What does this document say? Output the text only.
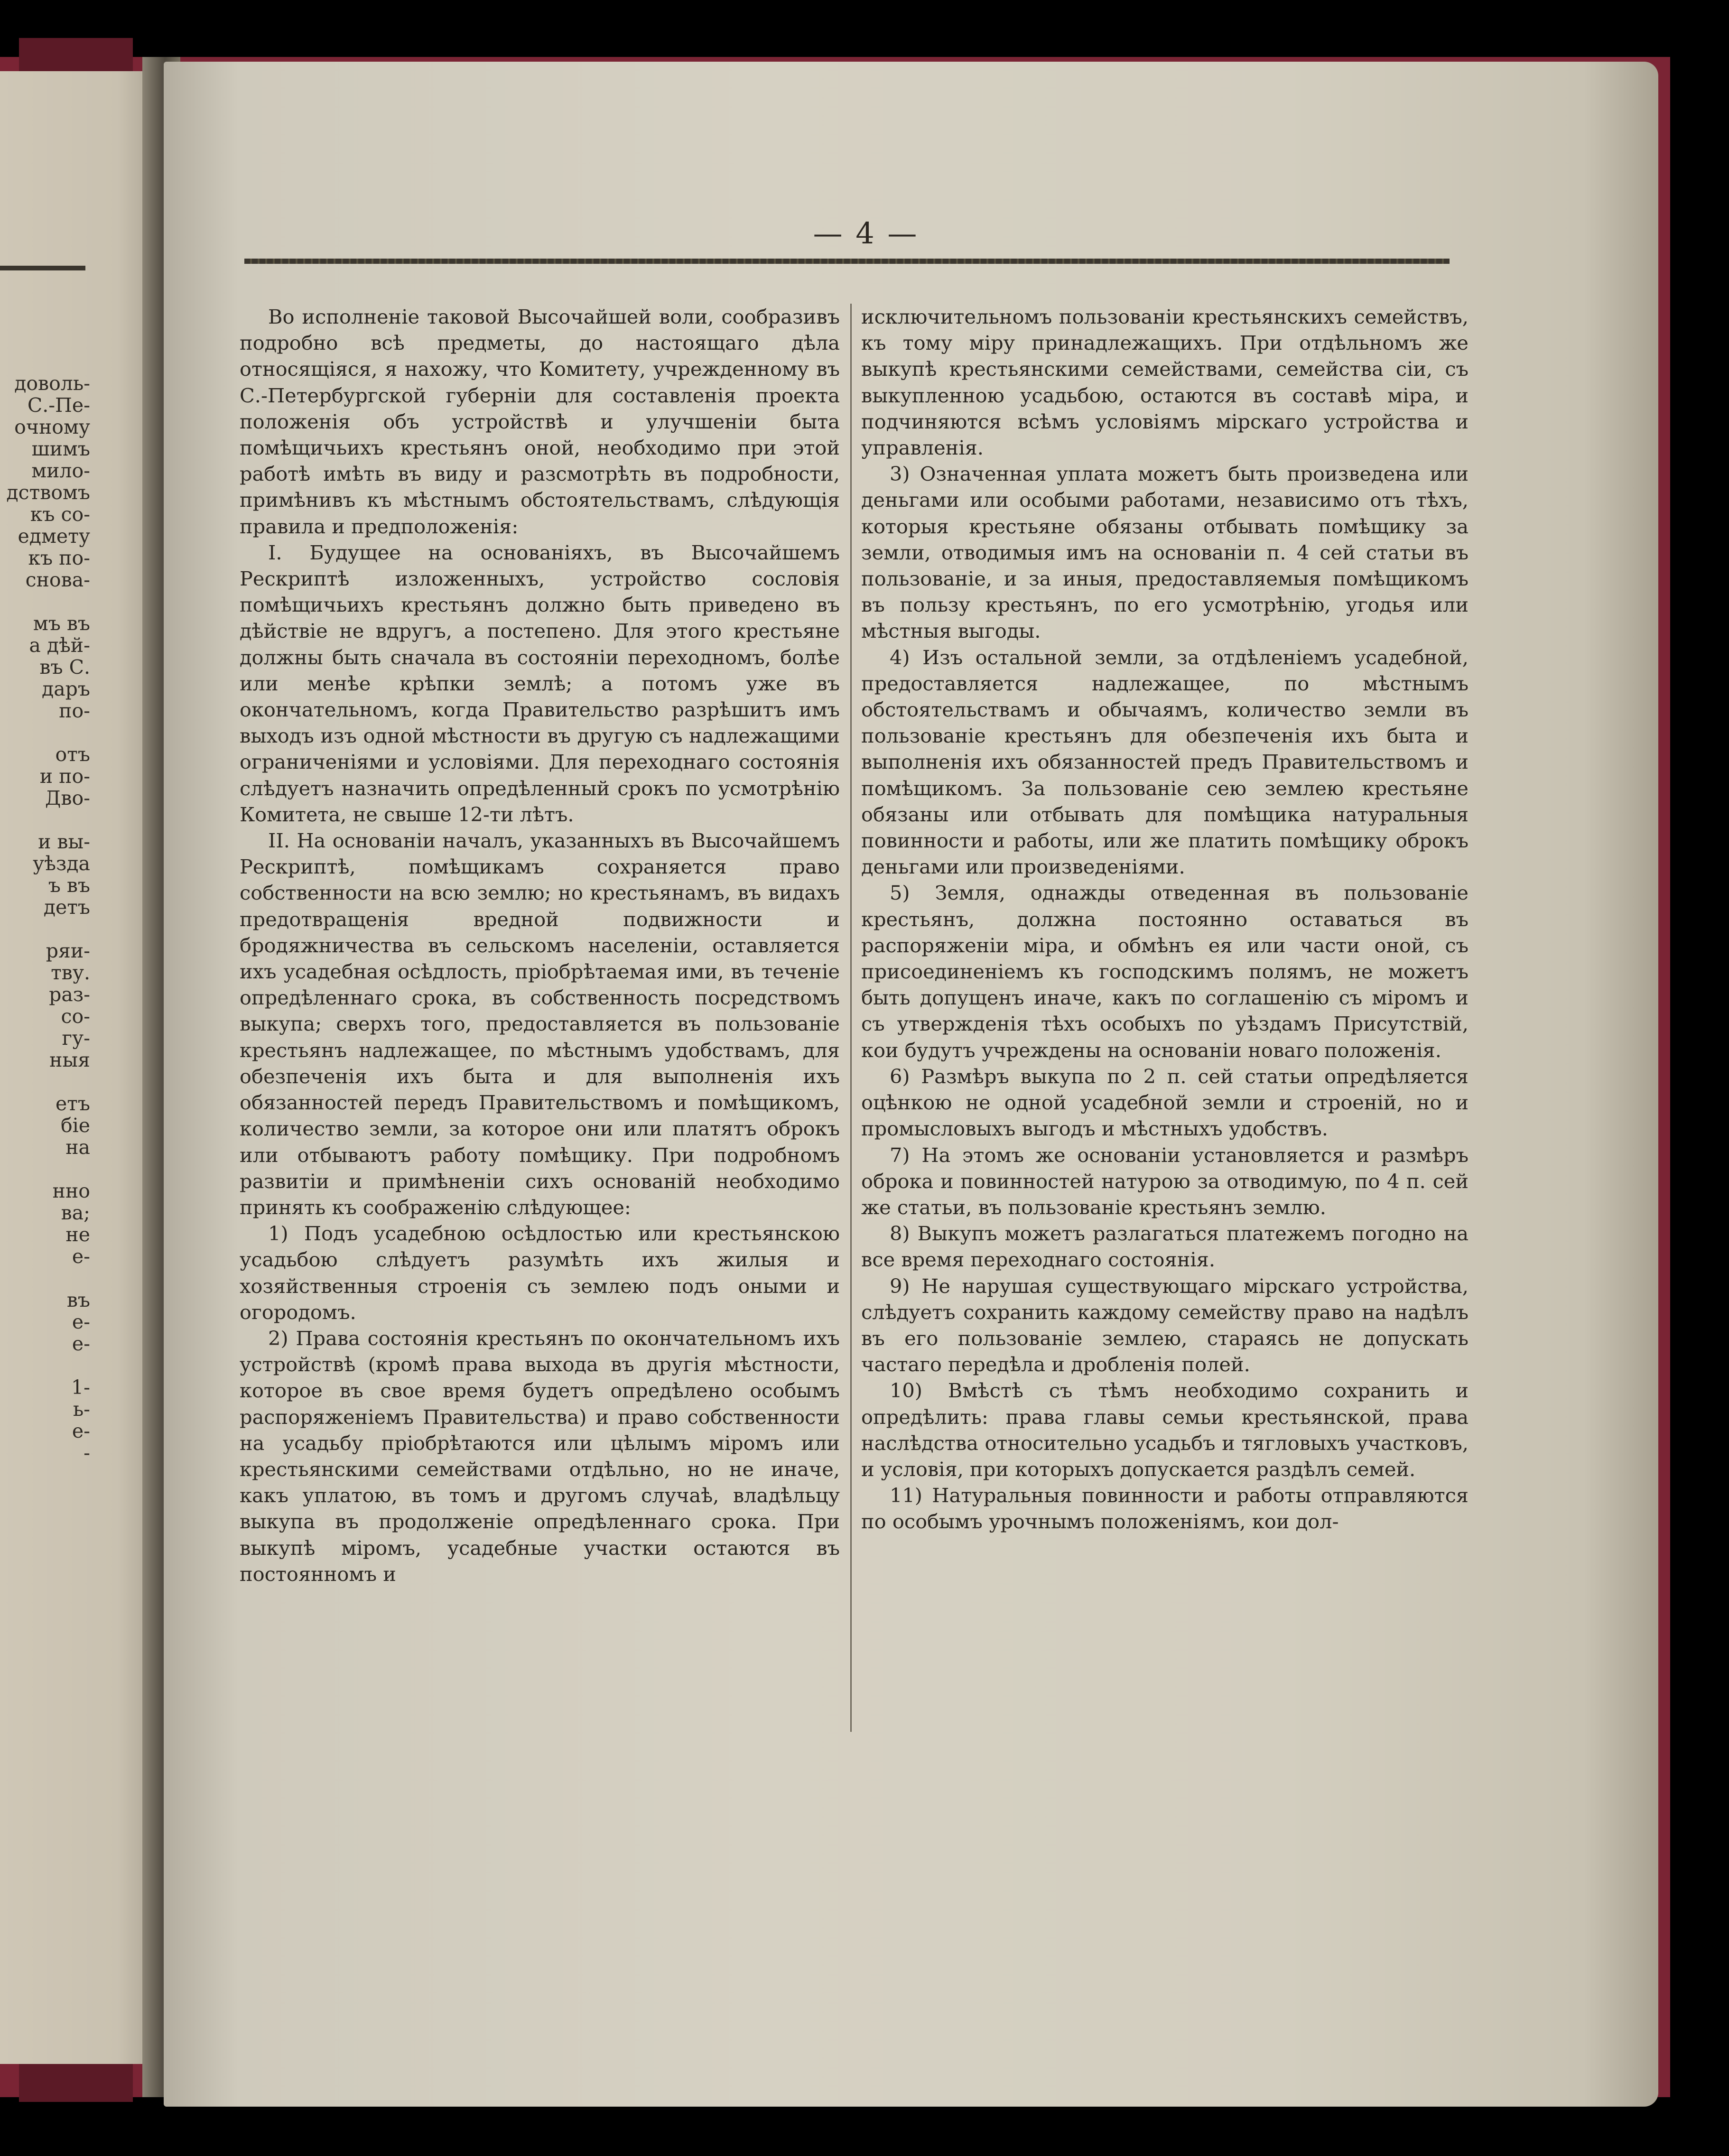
доволь-
С.-Пе-
очному
шимъ
мило-
дствомъ
къ со-
едмету
къ по-
снова-
мъ въ
а дѣй-
въ С.
даръ
по-
отъ
и по-
Дво-
и вы-
уѣзда
ъ въ
детъ
ряи-
тву.
раз-
со-
гу-
ныя
етъ
бiе
на
нно
ва;
не
е-
въ
е-
е-
1-
ь-
е-
-
— 4 —

Во исполненіе таковой Высочайшей воли, сообразивъ подробно всѣ предметы, до настоящаго дѣла относящіяся, я нахожу, что Комитету, учрежденному въ С.-Петербургской губерніи для составленія проекта положенія объ устройствѣ и улучшеніи быта помѣщичьихъ крестьянъ оной, необходимо при этой работѣ имѣть въ виду и разсмотрѣть въ подробности, примѣнивъ къ мѣстнымъ обстоятельствамъ, слѣдующія правила и предположенія:

I. Будущее на основаніяхъ, въ Высочайшемъ Рескриптѣ изложенныхъ, устройство сословія помѣщичьихъ крестьянъ должно быть приведено въ дѣйствіе не вдругъ, а постепено. Для этого крестьяне должны быть сначала въ состояніи переходномъ, болѣе или менѣе крѣпки землѣ; а потомъ уже въ окончательномъ, когда Правительство разрѣшитъ имъ выходъ изъ одной мѣстности въ другую съ надлежащими ограниченіями и условіями. Для переходнаго состоянія слѣдуетъ назначить опредѣленный срокъ по усмотрѣнію Комитета, не свыше 12-ти лѣтъ.

II. На основаніи началъ, указанныхъ въ Высочайшемъ Рескриптѣ, помѣщикамъ сохраняется право собственности на всю землю; но крестьянамъ, въ видахъ предотвращенія вредной подвижности и бродяжничества въ сельскомъ населеніи, оставляется ихъ усадебная осѣдлость, пріобрѣтаемая ими, въ теченіе опредѣленнаго срока, въ собственность посредствомъ выкупа; сверхъ того, предоставляется въ пользованіе крестьянъ надлежащее, по мѣстнымъ удобствамъ, для обезпеченія ихъ быта и для выполненія ихъ обязанностей передъ Правительствомъ и помѣщикомъ, количество земли, за которое они или платятъ оброкъ или отбываютъ работу помѣщику. При подробномъ развитіи и примѣненіи сихъ основаній необходимо принять къ соображенію слѣдующее:

1) Подъ усадебною осѣдлостью или крестьянскою усадьбою слѣдуетъ разумѣть ихъ жилыя и хозяйственныя строенія съ землею подъ оными и огородомъ.

2) Права состоянія крестьянъ по окончательномъ ихъ устройствѣ (кромѣ права выхода въ другія мѣстности, которое въ свое время будетъ опредѣлено особымъ распоряженіемъ Правительства) и право собственности на усадьбу пріобрѣтаются или цѣлымъ міромъ или крестьянскими семействами отдѣльно, но не иначе, какъ уплатою, въ томъ и другомъ случаѣ, владѣльцу выкупа въ продолженіе опредѣленнаго срока. При выкупѣ міромъ, усадебные участки остаются въ постоянномъ и

исключительномъ пользованіи крестьянскихъ семействъ, къ тому міру принадлежащихъ. При отдѣльномъ же выкупѣ крестьянскими семействами, семейства сіи, съ выкупленною усадьбою, остаются въ составѣ міра, и подчиняются всѣмъ условіямъ мірскаго устройства и управленія.

3) Означенная уплата можетъ быть произведена или деньгами или особыми работами, независимо отъ тѣхъ, которыя крестьяне обязаны отбывать помѣщику за земли, отводимыя имъ на основаніи п. 4 сей статьи въ пользованіе, и за иныя, предоставляемыя помѣщикомъ въ пользу крестьянъ, по его усмотрѣнію, угодья или мѣстныя выгоды.

4) Изъ остальной земли, за отдѣленіемъ усадебной, предоставляется надлежащее, по мѣстнымъ обстоятельствамъ и обычаямъ, количество земли въ пользованіе крестьянъ для обезпеченія ихъ быта и выполненія ихъ обязанностей предъ Правительствомъ и помѣщикомъ. За пользованіе сею землею крестьяне обязаны или отбывать для помѣщика натуральныя повинности и работы, или же платить помѣщику оброкъ деньгами или произведеніями.

5) Земля, однажды отведенная въ пользованіе крестьянъ, должна постоянно оставаться въ распоряженіи міра, и обмѣнъ ея или части оной, съ присоединеніемъ къ господскимъ полямъ, не можетъ быть допущенъ иначе, какъ по соглашенію съ міромъ и съ утвержденія тѣхъ особыхъ по уѣздамъ Присутствій, кои будутъ учреждены на основаніи новаго положенія.

6) Размѣръ выкупа по 2 п. сей статьи опредѣляется оцѣнкою не одной усадебной земли и строеній, но и промысловыхъ выгодъ и мѣстныхъ удобствъ.

7) На этомъ же основаніи установляется и размѣръ оброка и повинностей натурою за отводимую, по 4 п. сей же статьи, въ пользованіе крестьянъ землю.

8) Выкупъ можетъ разлагаться платежемъ погодно на все время переходнаго состоянія.

9) Не нарушая существующаго мірскаго устройства, слѣдуетъ сохранить каждому семейству право на надѣлъ въ его пользованіе землею, стараясь не допускать частаго передѣла и дробленія полей.

10) Вмѣстѣ съ тѣмъ необходимо сохранить и опредѣлить: права главы семьи крестьянской, права наслѣдства относительно усадьбъ и тягловыхъ участковъ, и условія, при которыхъ допускается раздѣлъ семей.

11) Натуральныя повинности и работы отправляются по особымъ урочнымъ положеніямъ, кои дол-
